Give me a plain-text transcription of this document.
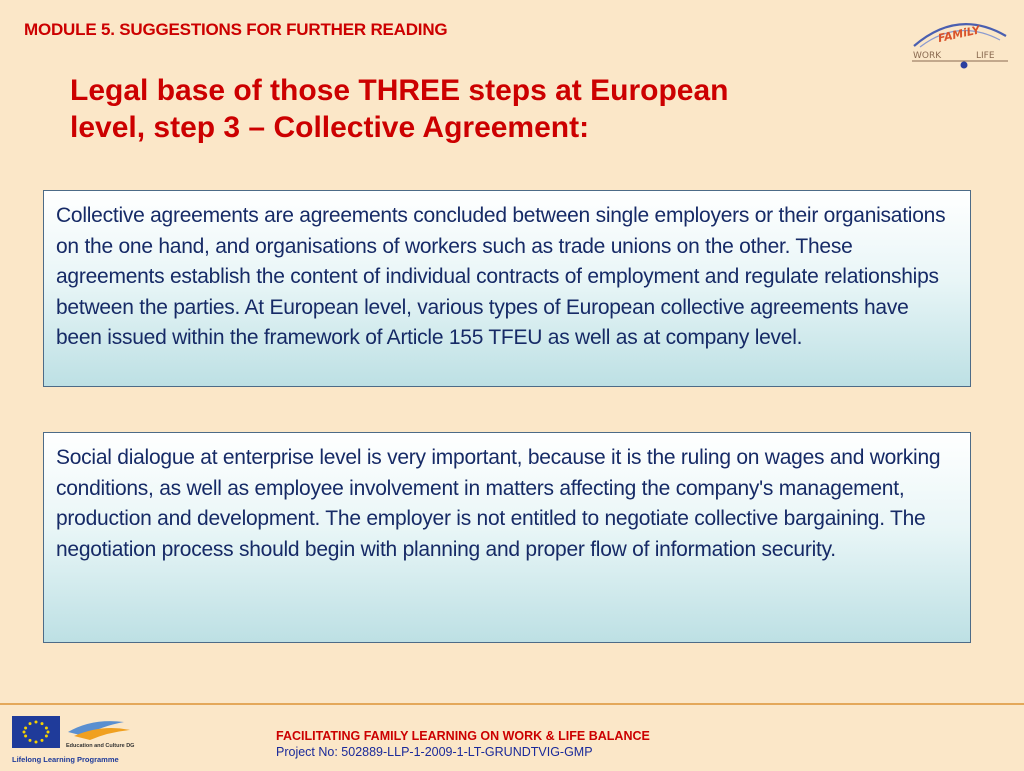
MODULE 5. SUGGESTIONS FOR FURTHER READING	FAMiLY
WORK	LIFE
Legal base of those THREE steps at European
level, step 3 – Collective Agreement:
Collective agreements are agreements concluded between single employers or their organisations on the one hand, and organisations of workers such as trade unions on the other. These agreements establish the content of individual contracts of employment and regulate relationships between the parties. At European level, various types of European collective agreements have been issued within the framework of Article 155 TFEU as well as at company level.
Social dialogue at enterprise level is very important, because it is the ruling on wages and working conditions, as well as employee involvement in matters affecting the company's management, production and development. The employer is not entitled to negotiate collective bargaining. The negotiation process should begin with planning and proper flow of information security.
Education and Culture DG
Lifelong Learning Programme
FACILITATING FAMILY LEARNING ON WORK & LIFE BALANCE
Project No: 502889-LLP-1-2009-1-LT-GRUNDTVIG-GMP
